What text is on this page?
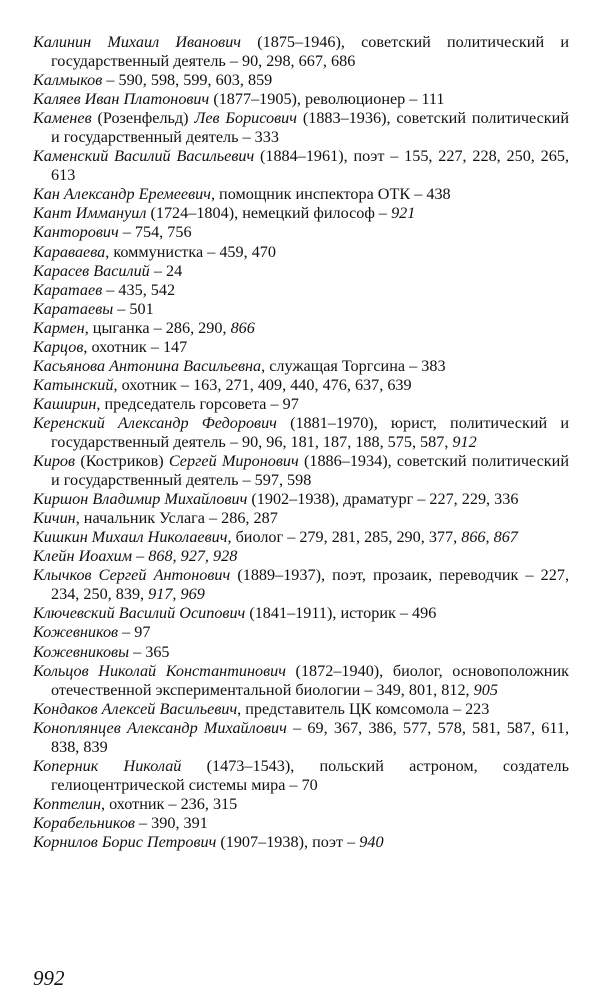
Калинин Михаил Иванович (1875–1946), советский политический и государственный деятель – 90, 298, 667, 686

Калмыков – 590, 598, 599, 603, 859

Каляев Иван Платонович (1877–1905), революционер – 111

Каменев (Розенфельд) Лев Борисович (1883–1936), советский политический и государственный деятель – 333

Каменский Василий Васильевич (1884–1961), поэт – 155, 227, 228, 250, 265, 613

Кан Александр Еремеевич, помощник инспектора ОТК – 438

Кант Иммануил (1724–1804), немецкий философ – 921

Канторович – 754, 756

Караваева, коммунистка – 459, 470

Карасев Василий – 24

Каратаев – 435, 542

Каратаевы – 501

Кармен, цыганка – 286, 290, 866

Карцов, охотник – 147

Касьянова Антонина Васильевна, служащая Торгсина – 383

Катынский, охотник – 163, 271, 409, 440, 476, 637, 639

Каширин, председатель горсовета – 97

Керенский Александр Федорович (1881–1970), юрист, политический и государственный деятель – 90, 96, 181, 187, 188, 575, 587, 912

Киров (Костриков) Сергей Миронович (1886–1934), советский политический и государственный деятель – 597, 598

Киршон Владимир Михайлович (1902–1938), драматург – 227, 229, 336

Кичин, начальник Услага – 286, 287

Кишкин Михаил Николаевич, биолог – 279, 281, 285, 290, 377, 866, 867

Клейн Иоахим – 868, 927, 928

Клычков Сергей Антонович (1889–1937), поэт, прозаик, переводчик – 227, 234, 250, 839, 917, 969

Ключевский Василий Осипович (1841–1911), историк – 496

Кожевников – 97

Кожевниковы – 365

Кольцов Николай Константинович (1872–1940), биолог, основоположник отечественной экспериментальной биологии – 349, 801, 812, 905

Кондаков Алексей Васильевич, представитель ЦК комсомола – 223

Коноплянцев Александр Михайлович – 69, 367, 386, 577, 578, 581, 587, 611, 838, 839

Коперник Николай (1473–1543), польский астроном, создатель гелиоцентрической системы мира – 70

Коптелин, охотник – 236, 315

Корабельников – 390, 391

Корнилов Борис Петрович (1907–1938), поэт – 940

992
